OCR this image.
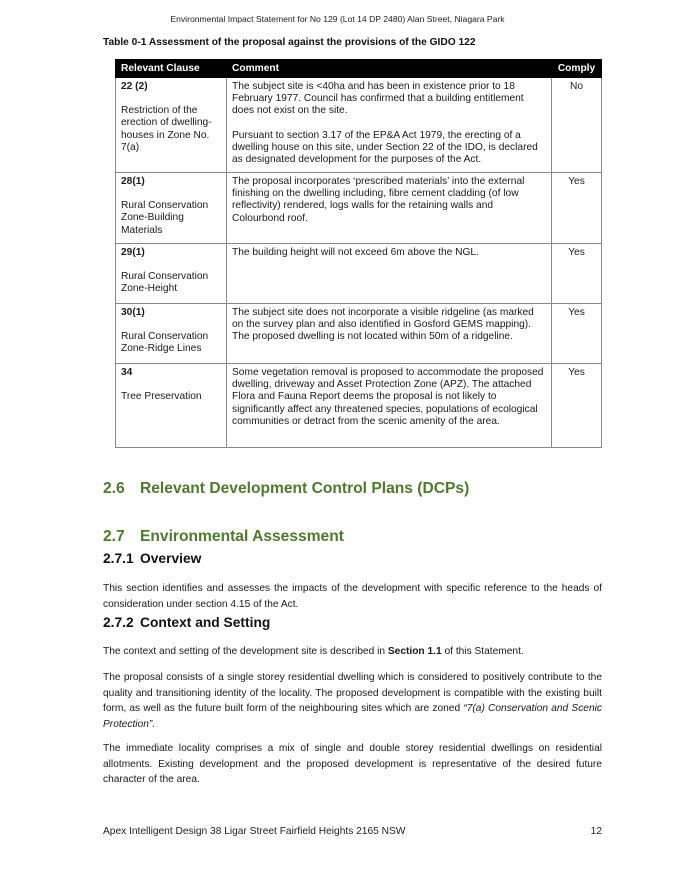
Environmental Impact Statement for No 129 (Lot 14 DP 2480) Alan Street, Niagara Park
Table 0-1 Assessment of the proposal against the provisions of the GIDO 122
Relevant Clause	Comment	Comply

22 (2)
Restriction of the erection of dwelling-houses in Zone No. 7(a)	The subject site is <40ha and has been in existence prior to 18 February 1977. Council has confirmed that a building entitlement does not exist on the site.
Pursuant to section 3.17 of the EP&A Act 1979, the erecting of a dwelling house on this site, under Section 22 of the IDO, is declared as designated development for the purposes of the Act.	No

28(1)
Rural Conservation Zone-Building Materials	The proposal incorporates ‘prescribed materials’ into the external finishing on the dwelling including, fibre cement cladding (of low reflectivity) rendered, logs walls for the retaining walls and Colourbond roof.	Yes

29(1)
Rural Conservation Zone-Height	The building height will not exceed 6m above the NGL.	Yes

30(1)
Rural Conservation Zone-Ridge Lines	The subject site does not incorporate a visible ridgeline (as marked on the survey plan and also identified in Gosford GEMS mapping). The proposed dwelling is not located within 50m of a ridgeline.	Yes

34
Tree Preservation	Some vegetation removal is proposed to accommodate the proposed dwelling, driveway and Asset Protection Zone (APZ). The attached Flora and Fauna Report deems the proposal is not likely to significantly affect any threatened species, populations of ecological communities or detract from the scenic amenity of the area.	Yes
2.6 Relevant Development Control Plans (DCPs)
2.7 Environmental Assessment
2.7.1 Overview

This section identifies and assesses the impacts of the development with specific reference to the heads of consideration under section 4.15 of the Act.

2.7.2 Context and Setting

The context and setting of the development site is described in Section 1.1 of this Statement.

The proposal consists of a single storey residential dwelling which is considered to positively contribute to the quality and transitioning identity of the locality. The proposed development is compatible with the existing built form, as well as the future built form of the neighbouring sites which are zoned “7(a) Conservation and Scenic Protection”.

The immediate locality comprises a mix of single and double storey residential dwellings on residential allotments. Existing development and the proposed development is representative of the desired future character of the area.

Apex Intelligent Design 38 Ligar Street Fairfield Heights 2165 NSW	12
